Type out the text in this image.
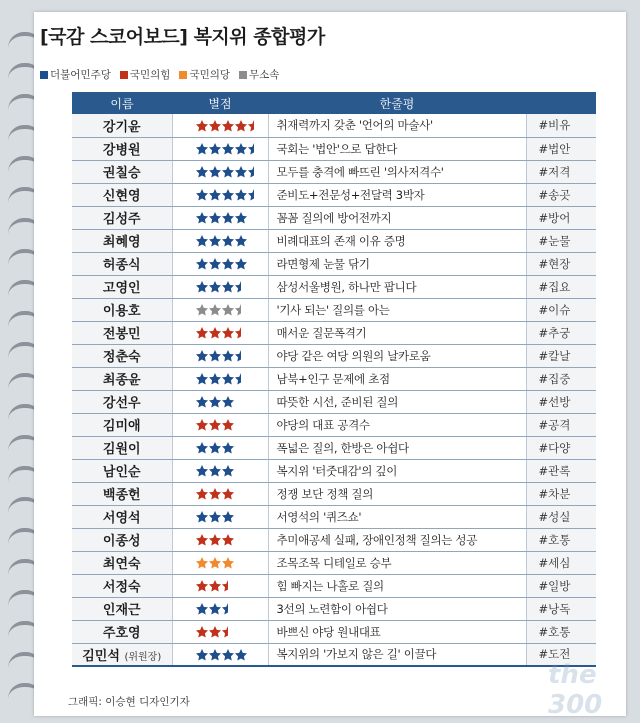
[국감 스코어보드] 복지위 종합평가
더불어민주당 국민의힘 국민의당 무소속
이름	별점	한줄평	
강기윤		취재력까지 갖춘 '언어의 마술사'	#비유
강병원		국회는 '법안'으로 답한다	#법안
권칠승		모두를 충격에 빠뜨린 '의사저격수'	#저격
신현영		준비도+전문성+전달력 3박자	#송곳
김성주		꼼꼼 질의에 방어전까지	#방어
최혜영		비례대표의 존재 이유 증명	#눈물
허종식		라면형제 눈물 닦기	#현장
고영인		삼성서울병원, 하나만 팝니다	#집요
이용호		'기사 되는' 질의를 아는	#이슈
전봉민		매서운 질문폭격기	#추궁
정춘숙		야당 같은 여당 의원의 날카로움	#칼날
최종윤		남북+인구 문제에 초점	#집중
강선우		따뜻한 시선, 준비된 질의	#선방
김미애		야당의 대표 공격수	#공격
김원이		폭넓은 질의, 한방은 아쉽다	#다양
남인순		복지위 '터줏대감'의 깊이	#관록
백종헌		정쟁 보단 정책 질의	#차분
서영석		서영석의 '퀴즈쇼'	#성실
이종성		추미애공세 실패, 장애인정책 질의는 성공	#호통
최연숙		조목조목 디테일로 승부	#세심
서정숙		힘 빠지는 나홀로 질의	#일방
인재근		3선의 노련함이 아쉽다	#낭독
주호영		바쁘신 야당 원내대표	#호통
김민석 (위원장)		복지위의 '가보지 않은 길' 이끌다	#도전
그래픽: 이승현 디자인기자
the 300
